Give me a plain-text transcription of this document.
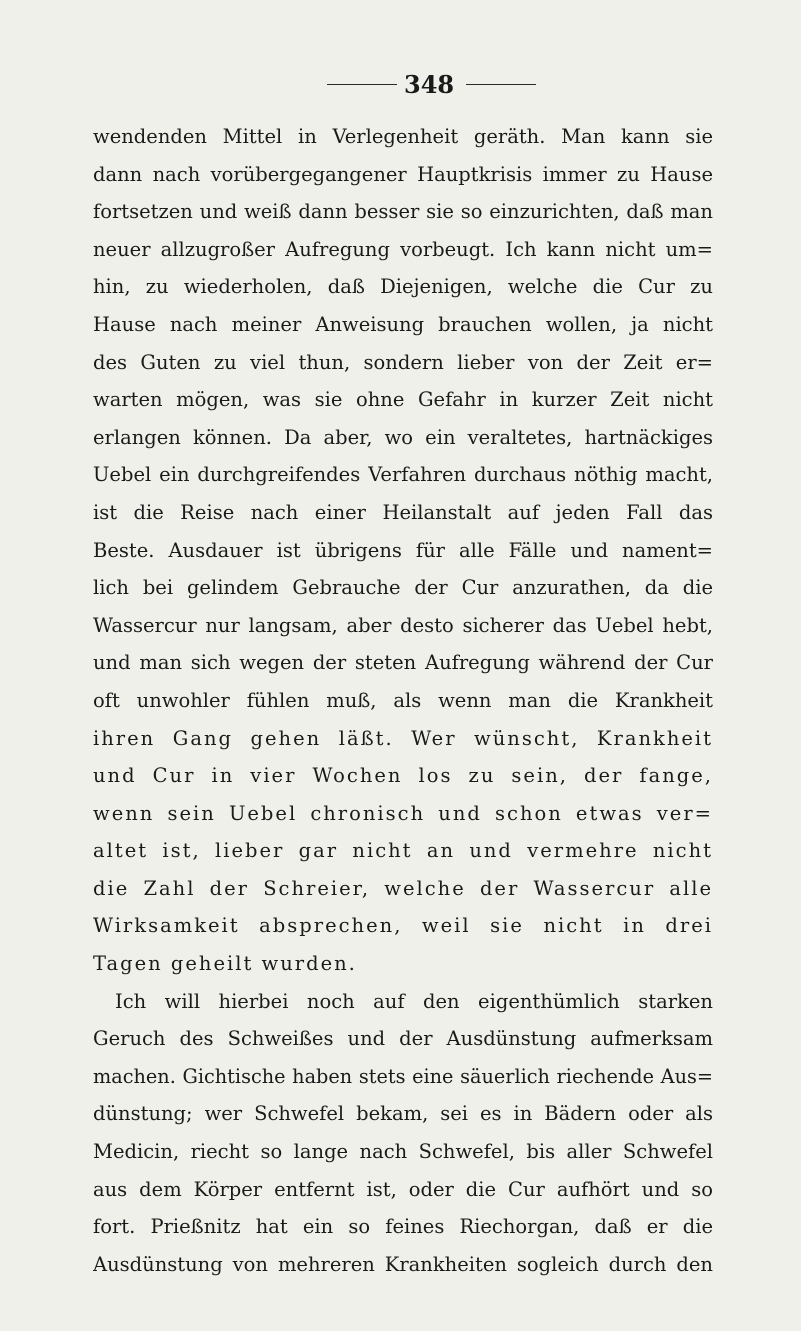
348
wendenden Mittel in Verlegenheit geräth. Man kann sie
dann nach vorübergegangener Hauptkrisis immer zu Hause
fortsetzen und weiß dann besser sie so einzurichten, daß man
neuer allzugroßer Aufregung vorbeugt. Ich kann nicht um=
hin, zu wiederholen, daß Diejenigen, welche die Cur zu
Hause nach meiner Anweisung brauchen wollen, ja nicht
des Guten zu viel thun, sondern lieber von der Zeit er=
warten mögen, was sie ohne Gefahr in kurzer Zeit nicht
erlangen können. Da aber, wo ein veraltetes, hartnäckiges
Uebel ein durchgreifendes Verfahren durchaus nöthig macht,
ist die Reise nach einer Heilanstalt auf jeden Fall das
Beste. Ausdauer ist übrigens für alle Fälle und nament=
lich bei gelindem Gebrauche der Cur anzurathen, da die
Wassercur nur langsam, aber desto sicherer das Uebel hebt,
und man sich wegen der steten Aufregung während der Cur
oft unwohler fühlen muß, als wenn man die Krankheit
ihren Gang gehen läßt. Wer wünscht, Krankheit
und Cur in vier Wochen los zu sein, der fange,
wenn sein Uebel chronisch und schon etwas ver=
altet ist, lieber gar nicht an und vermehre nicht
die Zahl der Schreier, welche der Wassercur alle
Wirksamkeit absprechen, weil sie nicht in drei
Tagen geheilt wurden.
Ich will hierbei noch auf den eigenthümlich starken
Geruch des Schweißes und der Ausdünstung aufmerksam
machen. Gichtische haben stets eine säuerlich riechende Aus=
dünstung; wer Schwefel bekam, sei es in Bädern oder als
Medicin, riecht so lange nach Schwefel, bis aller Schwefel
aus dem Körper entfernt ist, oder die Cur aufhört und so
fort. Prießnitz hat ein so feines Riechorgan, daß er die
Ausdünstung von mehreren Krankheiten sogleich durch den
